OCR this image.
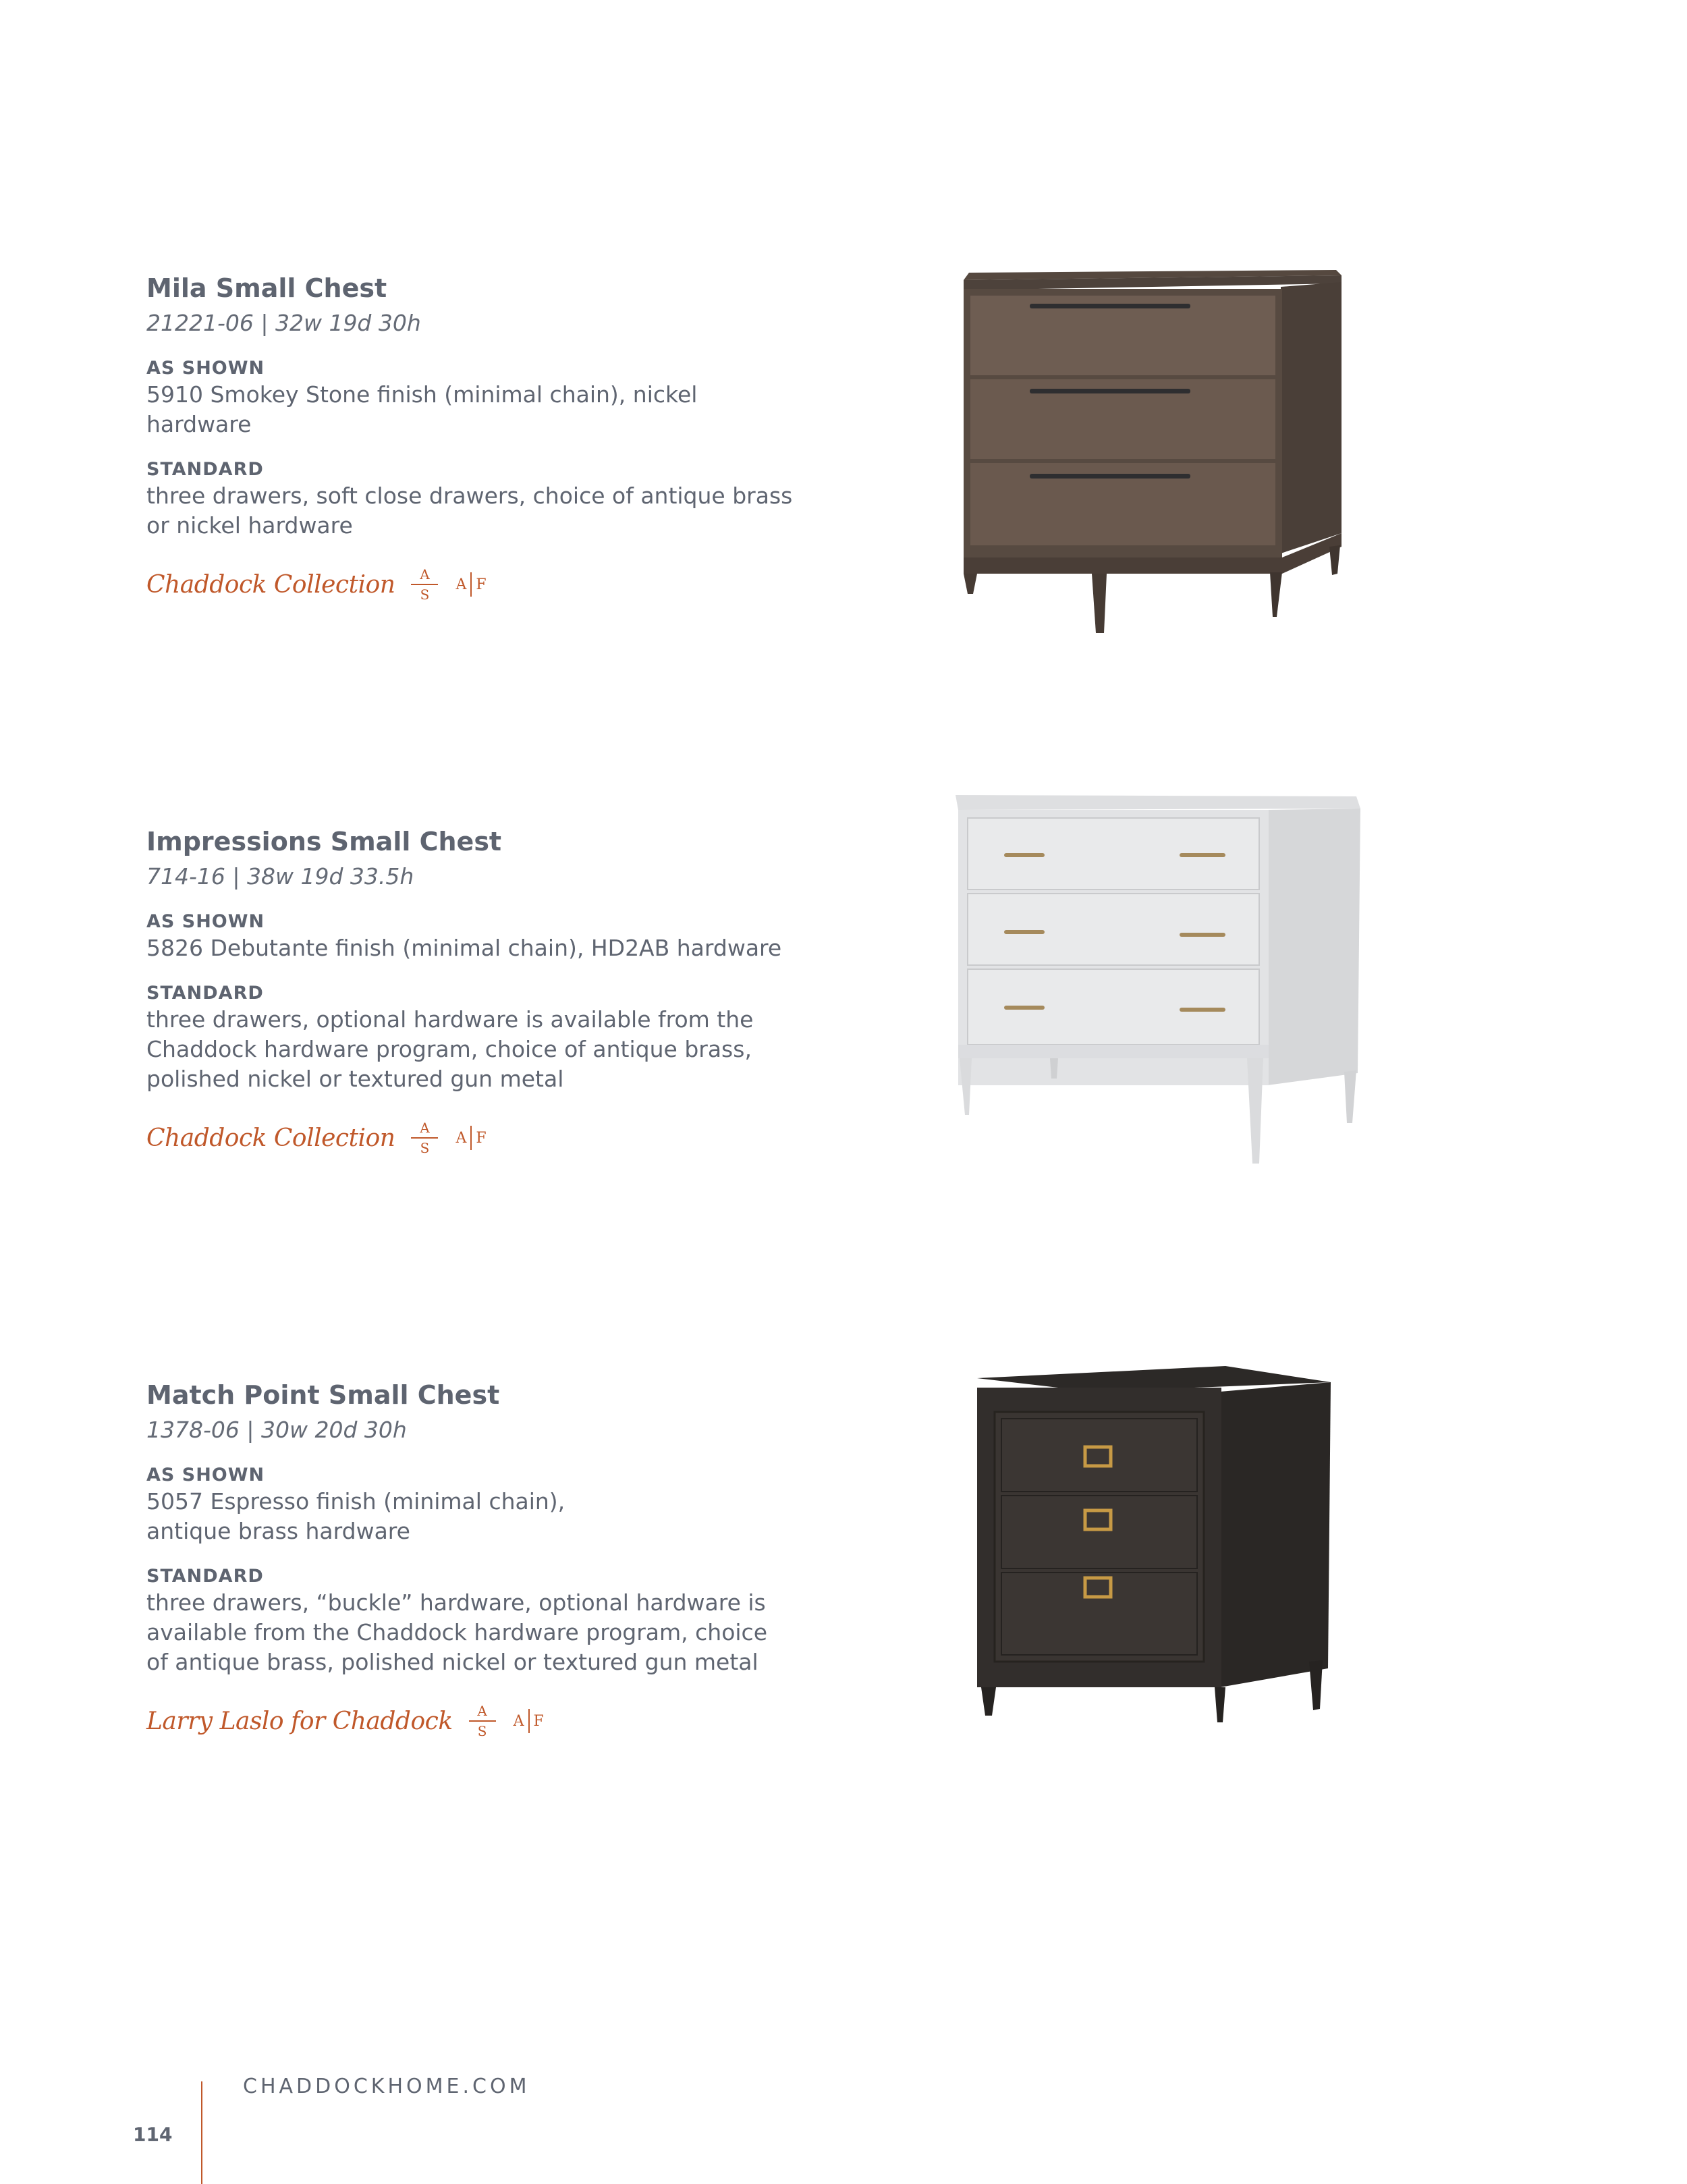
Mila Small Chest
21221-06 | 32w 19d 30h
AS SHOWN
5910 Smokey Stone finish (minimal chain), nickel
hardware
STANDARD
three drawers, soft close drawers, choice of antique brass
or nickel hardware
Chaddock Collection $\frac{A}{S}$ A F
Impressions Small Chest
714-16 | 38w 19d 33.5h
AS SHOWN
5826 Debutante finish (minimal chain), HD2AB hardware
STANDARD
three drawers, optional hardware is available from the
Chaddock hardware program, choice of antique brass,
polished nickel or textured gun metal
Chaddock Collection $\frac{A}{S}$ A F
Match Point Small Chest
1378-06 | 30w 20d 30h
AS SHOWN
5057 Espresso finish (minimal chain),
antique brass hardware
STANDARD
three drawers, “buckle” hardware, optional hardware is
available from the Chaddock hardware program, choice
of antique brass, polished nickel or textured gun metal
Larry Laslo for Chaddock $\frac{A}{S}$ A F
CHADDOCKHOME.COM
114
